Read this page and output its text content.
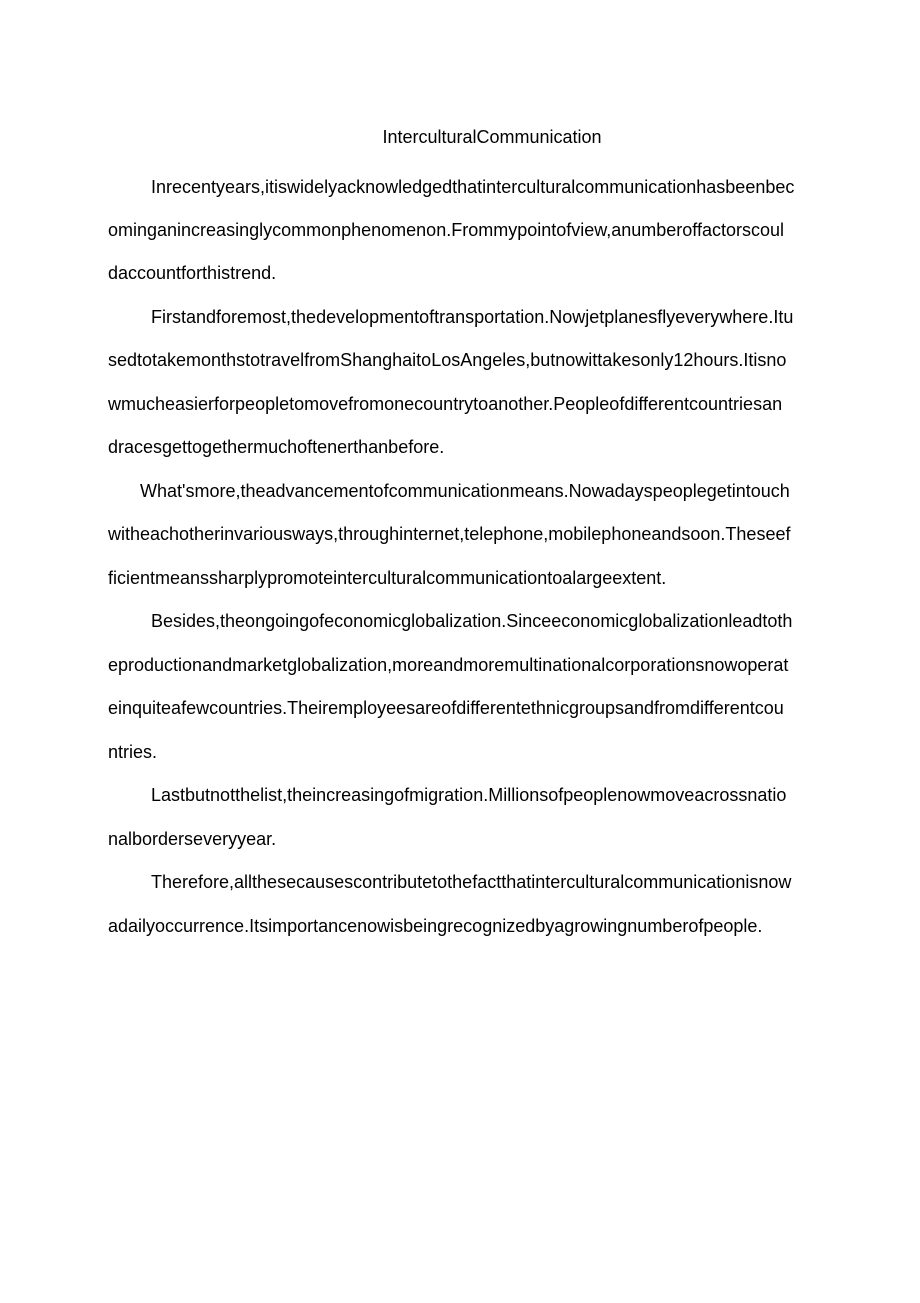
InterculturalCommunication
Inrecentyears,itiswidelyacknowledgedthatinterculturalcommunicationhasbeenbec
ominganincreasinglycommonphenomenon.Frommypointofview,anumberoffactorscoul
daccountforthistrend.
Firstandforemost,thedevelopmentoftransportation.Nowjetplanesflyeverywhere.Itu
sedtotakemonthstotravelfromShanghaitoLosAngeles,butnowittakesonly12hours.Itisno
wmucheasierforpeopletomovefromonecountrytoanother.Peopleofdifferentcountriesan
dracesgettogethermuchoftenerthanbefore.
What'smore,theadvancementofcommunicationmeans.Nowadayspeoplegetintouch
witheachotherinvariousways,throughinternet,telephone,mobilephoneandsoon.Theseef
ficientmeanssharplypromoteinterculturalcommunicationtoalargeextent.
Besides,theongoingofeconomicglobalization.Sinceeconomicglobalizationleadtoth
eproductionandmarketglobalization,moreandmoremultinationalcorporationsnowoperat
einquiteafewcountries.Theiremployeesareofdifferentethnicgroupsandfromdifferentcou
ntries.
Lastbutnotthelist,theincreasingofmigration.Millionsofpeoplenowmoveacrossnatio
nalborderseveryyear.
Therefore,allthesecausescontributetothefactthatinterculturalcommunicationisnow
adailyoccurrence.Itsimportancenowisbeingrecognizedbyagrowingnumberofpeople.
